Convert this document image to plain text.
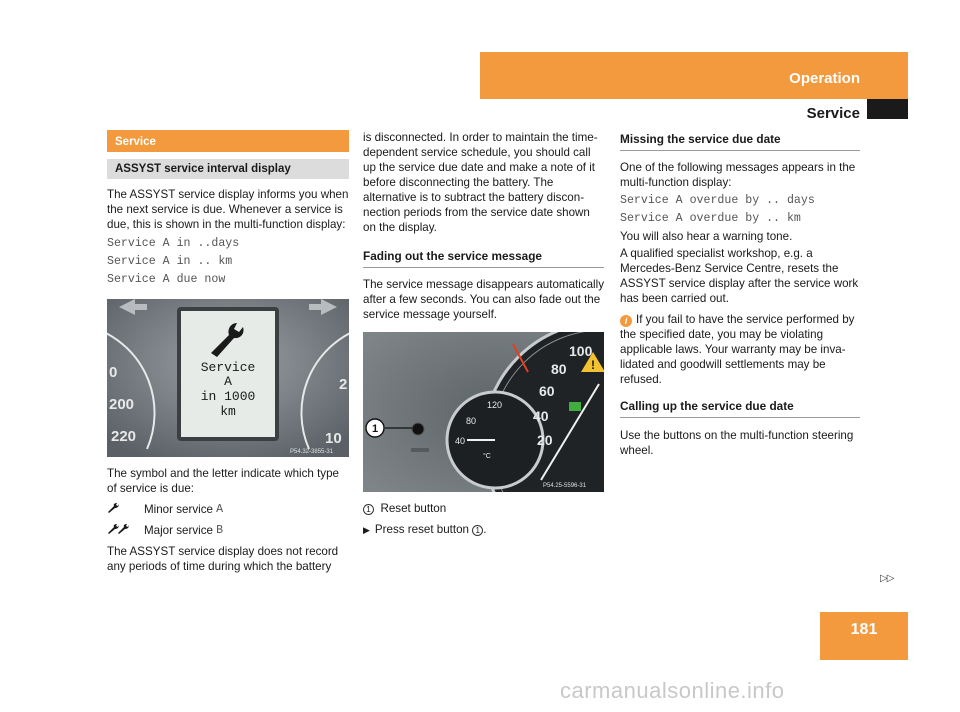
Operation
Service
181
▷▷
carmanualsonline.info
Service
ASSYST service interval display
The ASSYST service display informs you when the next service is due. Whenever a service is due, this is shown in the multi-function display:
Service A in ..days
Service A in .. km
Service A due now
Service
A
in 1000
km
0
200
220
2
10
P54.32-3855-31
The symbol and the letter indicate which type of service is due:
Minor service
A
Major service
B
The ASSYST service display does not record any periods of time during which the battery
is disconnected. In order to maintain the time-dependent service schedule, you should call up the service due date and make a note of it before disconnecting the battery. The alternative is to subtract the battery disconnection periods from the service date shown on the display.
Fading out the service message
The service message disappears automatically after a few seconds. You can also fade out the service message yourself.
!
100
80
60
40
20
120
80
40
°C
1
P54.25-5596-31
1 Reset button
▶ Press reset button 1 .
Missing the service due date
One of the following messages appears in the multi-function display:
Service A overdue by .. days
Service A overdue by .. km
You will also hear a warning tone.
A qualified specialist workshop, e.g. a Mercedes-Benz Service Centre, resets the ASSYST service display after the service work has been carried out.
i If you fail to have the service performed by the specified date, you may be violating applicable laws. Your warranty may be invalidated and goodwill settlements may be refused.
Calling up the service due date
Use the buttons on the multi-function steering wheel.
